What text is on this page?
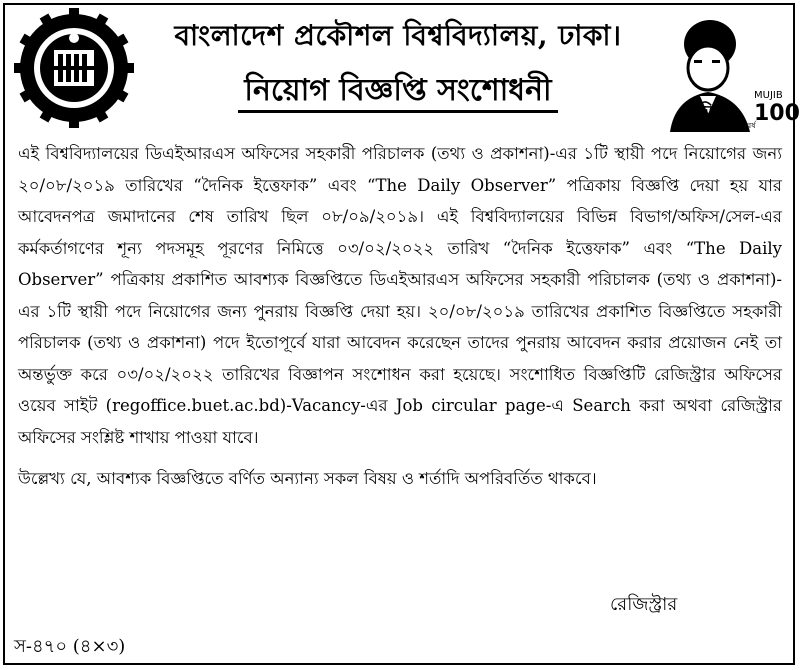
বাংলাদেশ প্রকৌশল বিশ্ববিদ্যালয়, ঢাকা।
নিয়োগ বিজ্ঞপ্তি সংশোধনী
মুজিব
MUJIB
100
শতবর্ষ

এই বিশ্ববিদ্যালয়ের ডিএইআরএস অফিসের সহকারী পরিচালক (তথ্য ও প্রকাশনা)-এর ১টি স্থায়ী পদে নিয়োগের জন্য ২০/০৮/২০১৯ তারিখের “দৈনিক ইত্তেফাক” এবং “The Daily Observer” পত্রিকায় বিজ্ঞপ্তি দেয়া হয় যার আবেদনপত্র জমাদানের শেষ তারিখ ছিল ০৮/০৯/২০১৯। এই বিশ্ববিদ্যালয়ের বিভিন্ন বিভাগ/অফিস/সেল-এর কর্মকর্তাগণের শূন্য পদসমূহ পূরণের নিমিত্তে ০৩/০২/২০২২ তারিখ “দৈনিক ইত্তেফাক” এবং “The Daily Observer” পত্রিকায় প্রকাশিত আবশ্যক বিজ্ঞপ্তিতে ডিএইআরএস অফিসের সহকারী পরিচালক (তথ্য ও প্রকাশনা)-এর ১টি স্থায়ী পদে নিয়োগের জন্য পুনরায় বিজ্ঞপ্তি দেয়া হয়। ২০/০৮/২০১৯ তারিখের প্রকাশিত বিজ্ঞপ্তিতে সহকারী পরিচালক (তথ্য ও প্রকাশনা) পদে ইতোপূর্বে যারা আবেদন করেছেন তাদের পুনরায় আবেদন করার প্রয়োজন নেই তা অন্তর্ভুক্ত করে ০৩/০২/২০২২ তারিখের বিজ্ঞাপন সংশোধন করা হয়েছে। সংশোধিত বিজ্ঞপ্তিটি রেজিস্ট্রার অফিসের ওয়েব সাইট (regoffice.buet.ac.bd)-Vacancy-এর Job circular page-এ Search করা অথবা রেজিস্ট্রার অফিসের সংশ্লিষ্ট শাখায় পাওয়া যাবে।

উল্লেখ্য যে, আবশ্যক বিজ্ঞপ্তিতে বর্ণিত অন্যান্য সকল বিষয় ও শর্তাদি অপরিবর্তিত থাকবে।

রেজিস্ট্রার
স-৪৭০ (৪×৩)
